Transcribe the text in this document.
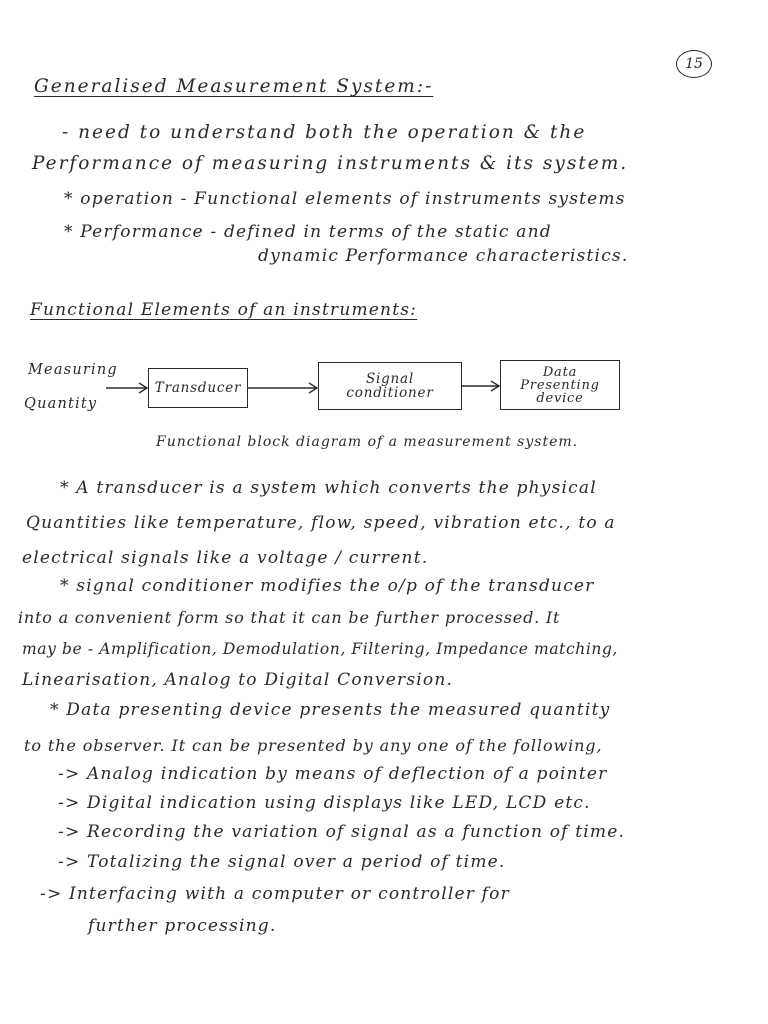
15
Generalised Measurement System:-
- need to understand both the operation & the
Performance of measuring instruments & its system.
* operation - Functional elements of instruments systems
* Performance - defined in terms of the static and
dynamic Performance characteristics.
Functional Elements of an instruments:
Measuring
Quantity
Transducer
Signal
conditioner
Data
Presenting
device
Functional block diagram of a measurement system.
* A transducer is a system which converts the physical
Quantities like temperature, flow, speed, vibration etc., to a
electrical signals like a voltage / current.
* signal conditioner modifies the o/p of the transducer
into a convenient form so that it can be further processed. It
may be - Amplification, Demodulation, Filtering, Impedance matching,
Linearisation, Analog to Digital Conversion.
* Data presenting device presents the measured quantity
to the observer. It can be presented by any one of the following,
-> Analog indication by means of deflection of a pointer
-> Digital indication using displays like LED, LCD etc.
-> Recording the variation of signal as a function of time.
-> Totalizing the signal over a period of time.
-> Interfacing with a computer or controller for
further processing.
